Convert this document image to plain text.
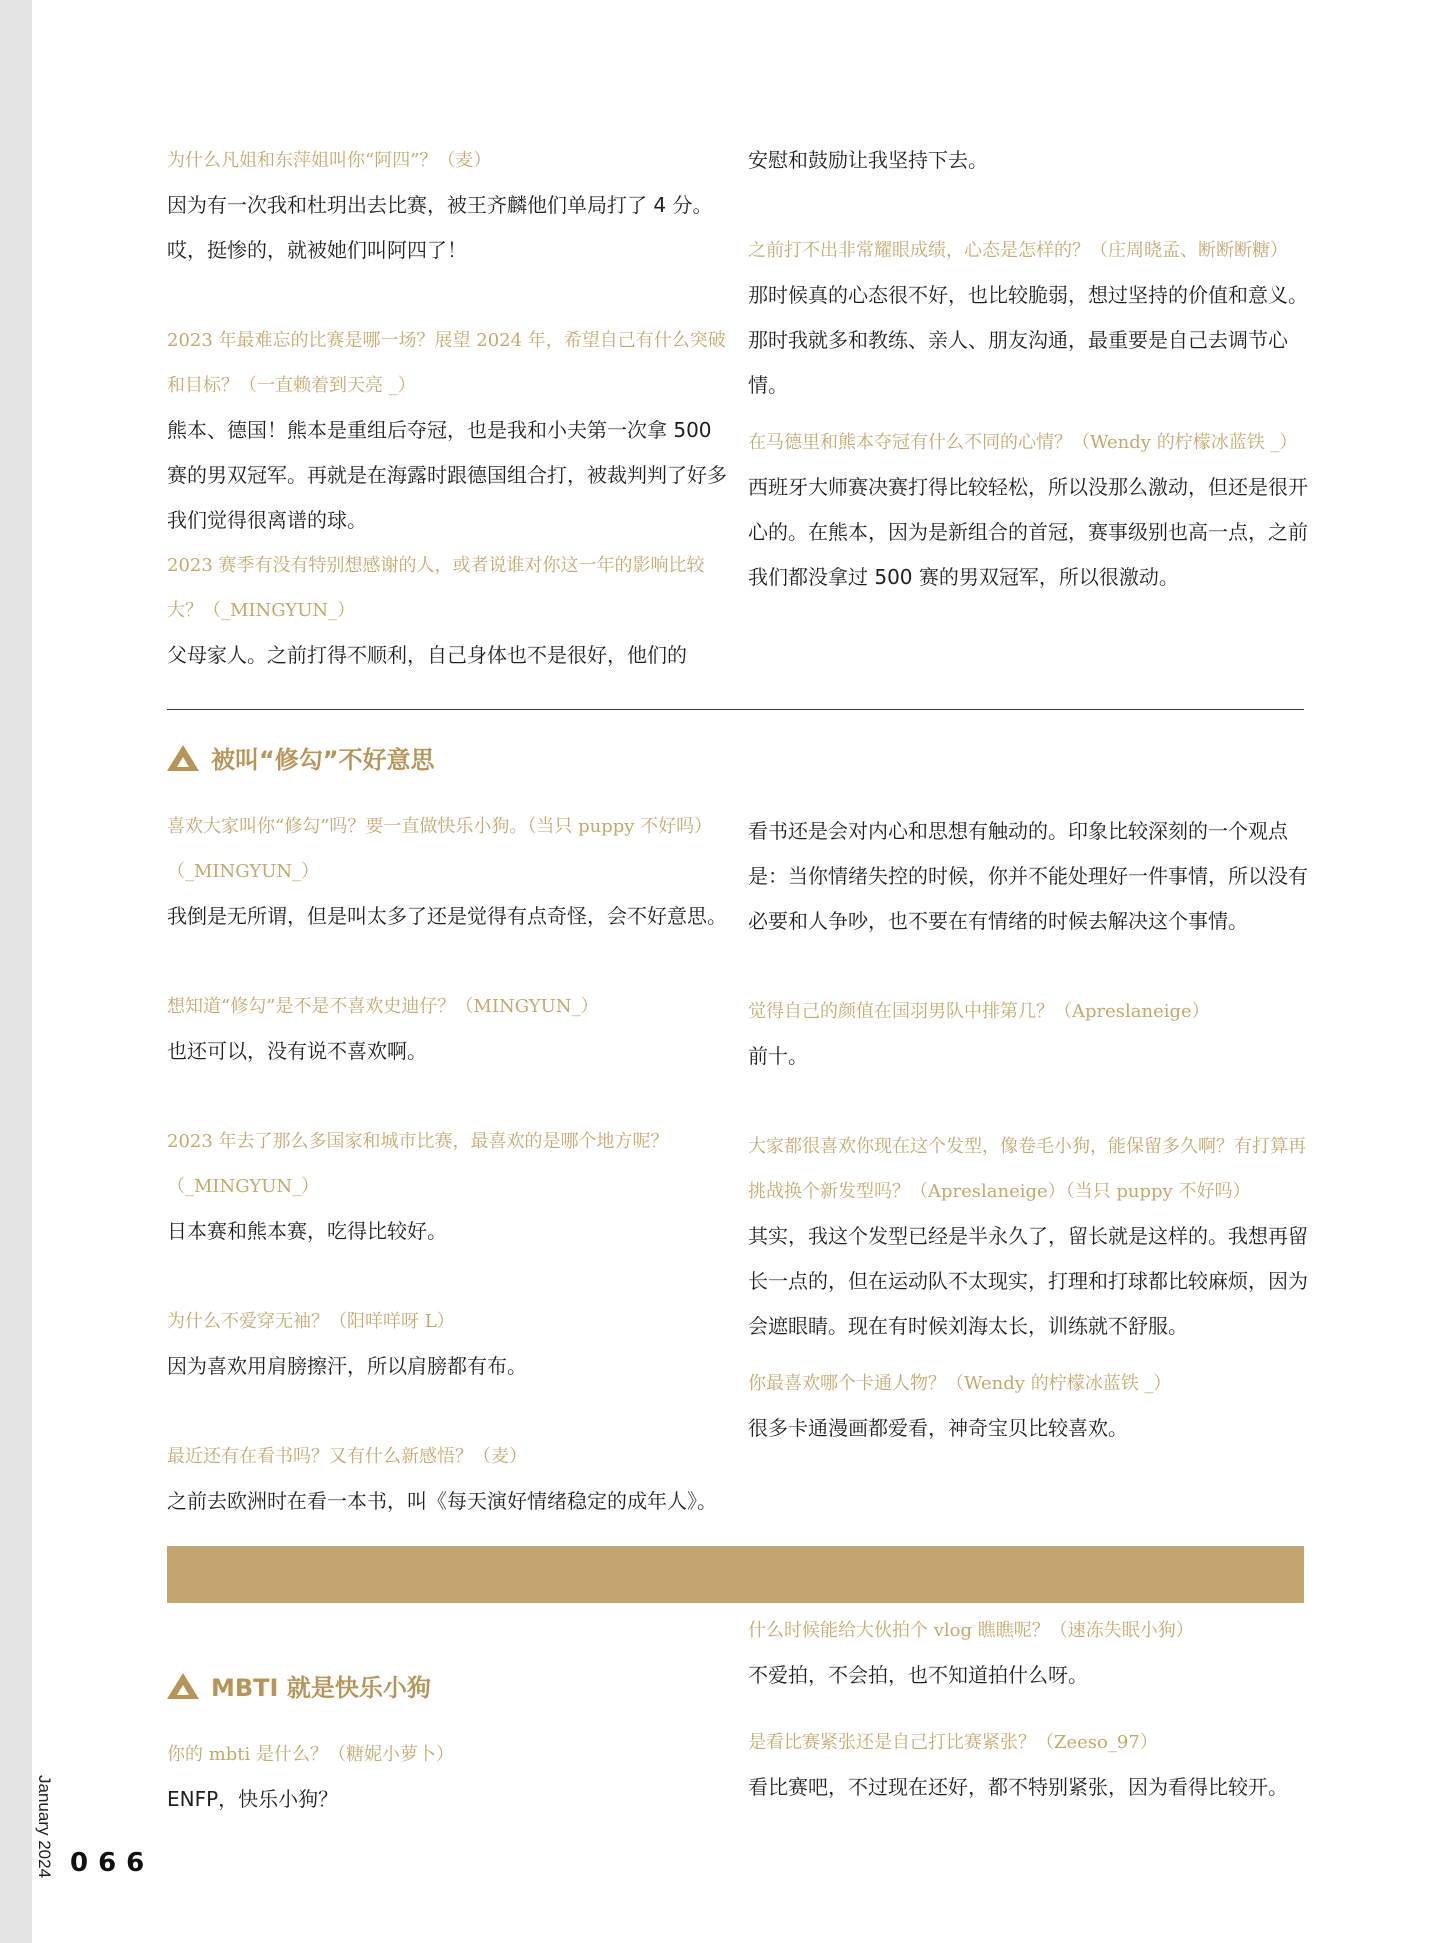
January 2024 066

为什么凡姐和东萍姐叫你“阿四”？（麦）

因为有一次我和杜玥出去比赛，被王齐麟他们单局打了 4 分。哎，挺惨的，就被她们叫阿四了！

2023 年最难忘的比赛是哪一场？展望 2024 年，希望自己有什么突破和目标？（一直赖着到天亮 _）

熊本、德国！熊本是重组后夺冠，也是我和小夫第一次拿 500 赛的男双冠军。再就是在海露时跟德国组合打，被裁判判了好多我们觉得很离谱的球。

2023 赛季有没有特别想感谢的人，或者说谁对你这一年的影响比较大？（_MINGYUN_）

父母家人。之前打得不顺利，自己身体也不是很好，他们的

安慰和鼓励让我坚持下去。

之前打不出非常耀眼成绩，心态是怎样的？（庄周晓孟、断断断糖）

那时候真的心态很不好，也比较脆弱，想过坚持的价值和意义。那时我就多和教练、亲人、朋友沟通，最重要是自己去调节心情。

在马德里和熊本夺冠有什么不同的心情？（Wendy 的柠檬冰蓝铁 _）

西班牙大师赛决赛打得比较轻松，所以没那么激动，但还是很开心的。在熊本，因为是新组合的首冠，赛事级别也高一点，之前我们都没拿过 500 赛的男双冠军，所以很激动。

被叫“修勾”不好意思

喜欢大家叫你“修勾”吗？要一直做快乐小狗。（当只 puppy 不好吗）（_MINGYUN_）

我倒是无所谓，但是叫太多了还是觉得有点奇怪，会不好意思。

想知道“修勾”是不是不喜欢史迪仔？（MINGYUN_）

也还可以，没有说不喜欢啊。

2023 年去了那么多国家和城市比赛，最喜欢的是哪个地方呢？（_MINGYUN_）

日本赛和熊本赛，吃得比较好。

为什么不爱穿无袖？（阳咩咩呀 L）

因为喜欢用肩膀擦汗，所以肩膀都有布。

最近还有在看书吗？又有什么新感悟？（麦）

之前去欧洲时在看一本书，叫《每天演好情绪稳定的成年人》。

看书还是会对内心和思想有触动的。印象比较深刻的一个观点是：当你情绪失控的时候，你并不能处理好一件事情，所以没有必要和人争吵，也不要在有情绪的时候去解决这个事情。

觉得自己的颜值在国羽男队中排第几？（Apreslaneige）

前十。

大家都很喜欢你现在这个发型，像卷毛小狗，能保留多久啊？有打算再挑战换个新发型吗？（Apreslaneige）（当只 puppy 不好吗）

其实，我这个发型已经是半永久了，留长就是这样的。我想再留长一点的，但在运动队不太现实，打理和打球都比较麻烦，因为会遮眼睛。现在有时候刘海太长，训练就不舒服。

你最喜欢哪个卡通人物？（Wendy 的柠檬冰蓝铁 _）

很多卡通漫画都爱看，神奇宝贝比较喜欢。

什么时候能给大伙拍个 vlog 瞧瞧呢？（速冻失眠小狗）

不爱拍，不会拍，也不知道拍什么呀。

是看比赛紧张还是自己打比赛紧张？（Zeeso_97）

看比赛吧，不过现在还好，都不特别紧张，因为看得比较开。

MBTI 就是快乐小狗

你的 mbti 是什么？（糖妮小萝卜）

ENFP，快乐小狗？
